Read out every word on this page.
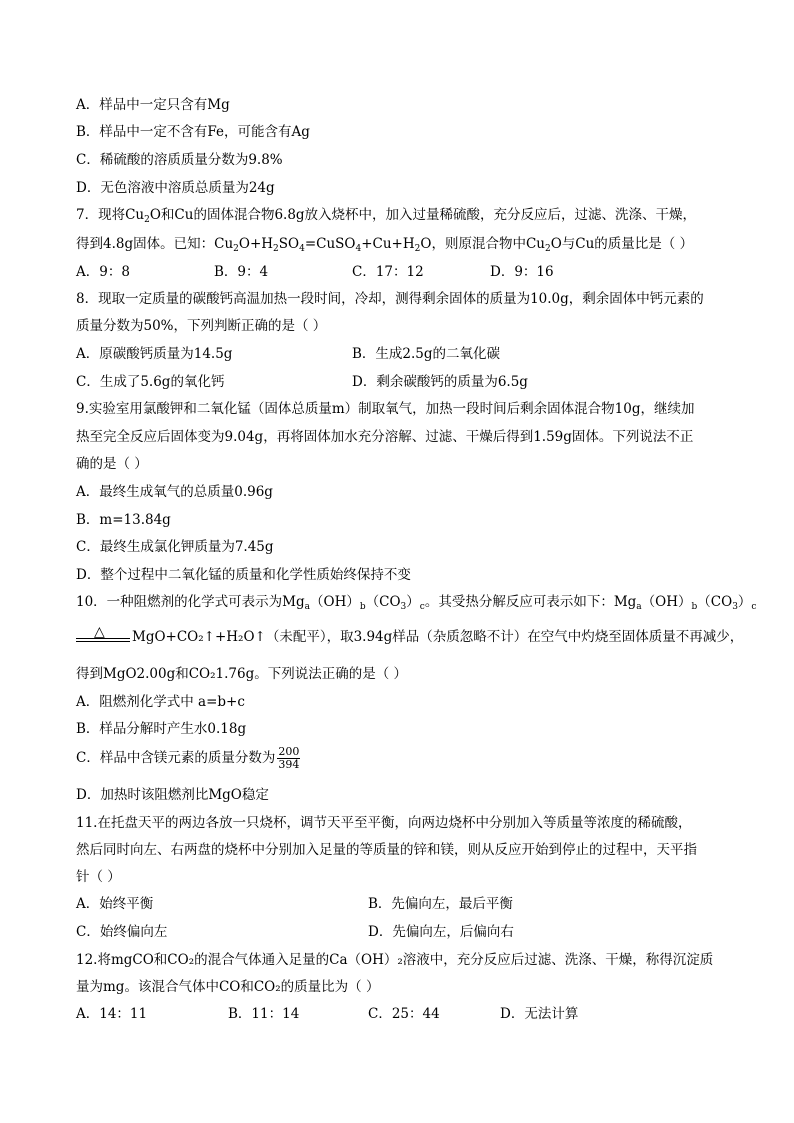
A．样品中一定只含有Mg
B．样品中一定不含有Fe，可能含有Ag
C．稀硫酸的溶质质量分数为9.8%
D．无色溶液中溶质总质量为24g
7．现将$Cu_2O$和Cu的固体混合物6.8g放入烧杯中，加入过量稀硫酸，充分反应后，过滤、洗涤、干燥，
得到4.8g固体。已知：$Cu_2O+H_2SO_4=CuSO_4+Cu+H_2O$，则原混合物中$Cu_2O$与Cu的质量比是（ ）
A．9：8	B．9：4	C．17：12	D．9：16
8．现取一定质量的碳酸钙高温加热一段时间，冷却，测得剩余固体的质量为10.0g，剩余固体中钙元素的
质量分数为50%，下列判断正确的是（ ）
A．原碳酸钙质量为14.5g	B．生成2.5g的二氧化碳
C．生成了5.6g的氧化钙	D．剩余碳酸钙的质量为6.5g
9.实验室用氯酸钾和二氧化锰（固体总质量m）制取氧气，加热一段时间后剩余固体混合物10g，继续加
热至完全反应后固体变为9.04g，再将固体加水充分溶解、过滤、干燥后得到1.59g固体。下列说法不正
确的是（ ）
A．最终生成氧气的总质量0.96g
B．m=13.84g
C．最终生成氯化钾质量为7.45g
D．整个过程中二氧化锰的质量和化学性质始终保持不变
10．一种阻燃剂的化学式可表示为$Mg_a(OH)_b(CO_3)_c$。其受热分解反应可表示如下：$Mg_a(OH)_b(CO_3)_c$
△ MgO+CO₂↑+H₂O↑（未配平），取3.94g样品（杂质忽略不计）在空气中灼烧至固体质量不再减少，
得到MgO2.00g和CO₂1.76g。下列说法正确的是（ ）
A．阻燃剂化学式中 a=b+c
B．样品分解时产生水0.18g
C．样品中含镁元素的质量分数为 $\frac{200}{394}$
D．加热时该阻燃剂比MgO稳定
11.在托盘天平的两边各放一只烧杯，调节天平至平衡，向两边烧杯中分别加入等质量等浓度的稀硫酸，
然后同时向左、右两盘的烧杯中分别加入足量的等质量的锌和镁，则从反应开始到停止的过程中，天平指
针（ ）
A．始终平衡	B．先偏向左，最后平衡
C．始终偏向左	D．先偏向左，后偏向右
12.将mgCO和CO₂的混合气体通入足量的Ca（OH）₂溶液中，充分反应后过滤、洗涤、干燥，称得沉淀质
量为mg。该混合气体中CO和CO₂的质量比为（ ）
A．14：11	B．11：14	C．25：44	D．无法计算
